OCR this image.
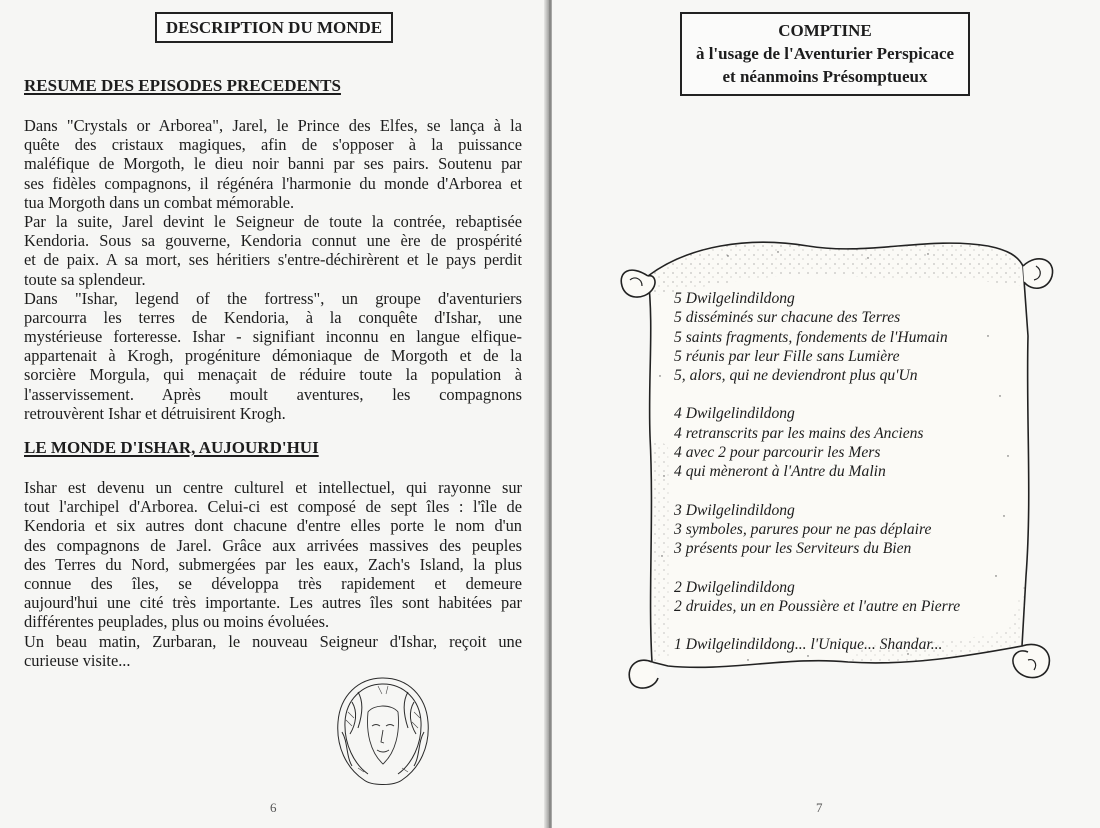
DESCRIPTION DU MONDE
RESUME DES EPISODES PRECEDENTS
Dans "Crystals or Arborea", Jarel, le Prince des Elfes, se lança à la
quête des cristaux magiques, afin de s'opposer à la puissance
maléfique de Morgoth, le dieu noir banni par ses pairs. Soutenu par
ses fidèles compagnons, il régénéra l'harmonie du monde d'Arborea et
tua Morgoth dans un combat mémorable.
Par la suite, Jarel devint le Seigneur de toute la contrée, rebaptisée
Kendoria. Sous sa gouverne, Kendoria connut une ère de prospérité
et de paix. A sa mort, ses héritiers s'entre-déchirèrent et le pays perdit
toute sa splendeur.
Dans "Ishar, legend of the fortress", un groupe d'aventuriers
parcourra les terres de Kendoria, à la conquête d'Ishar, une
mystérieuse forteresse. Ishar - signifiant inconnu en langue elfique-
appartenait à Krogh, progéniture démoniaque de Morgoth et de la
sorcière Morgula, qui menaçait de réduire toute la population à
l'asservissement. Après moult aventures, les compagnons
retrouvèrent Ishar et détruisirent Krogh.
LE MONDE D'ISHAR, AUJOURD'HUI
Ishar est devenu un centre culturel et intellectuel, qui rayonne sur
tout l'archipel d'Arborea. Celui-ci est composé de sept îles : l'île de
Kendoria et six autres dont chacune d'entre elles porte le nom d'un
des compagnons de Jarel. Grâce aux arrivées massives des peuples
des Terres du Nord, submergées par les eaux, Zach's Island, la plus
connue des îles, se développa très rapidement et demeure
aujourd'hui une cité très importante. Les autres îles sont habitées par
différentes peuplades, plus ou moins évoluées.
Un beau matin, Zurbaran, le nouveau Seigneur d'Ishar, reçoit une
curieuse visite...
6
COMPTINE
à l'usage de l'Aventurier Perspicace
et néanmoins Présomptueux
5 Dwilgelindildong
5 disséminés sur chacune des Terres
5 saints fragments, fondements de l'Humain
5 réunis par leur Fille sans Lumière
5, alors, qui ne deviendront plus qu'Un
4 Dwilgelindildong
4 retranscrits par les mains des Anciens
4 avec 2 pour parcourir les Mers
4 qui mèneront à l'Antre du Malin
3 Dwilgelindildong
3 symboles, parures pour ne pas déplaire
3 présents pour les Serviteurs du Bien
2 Dwilgelindildong
2 druides, un en Poussière et l'autre en Pierre
1 Dwilgelindildong... l'Unique... Shandar...
7
